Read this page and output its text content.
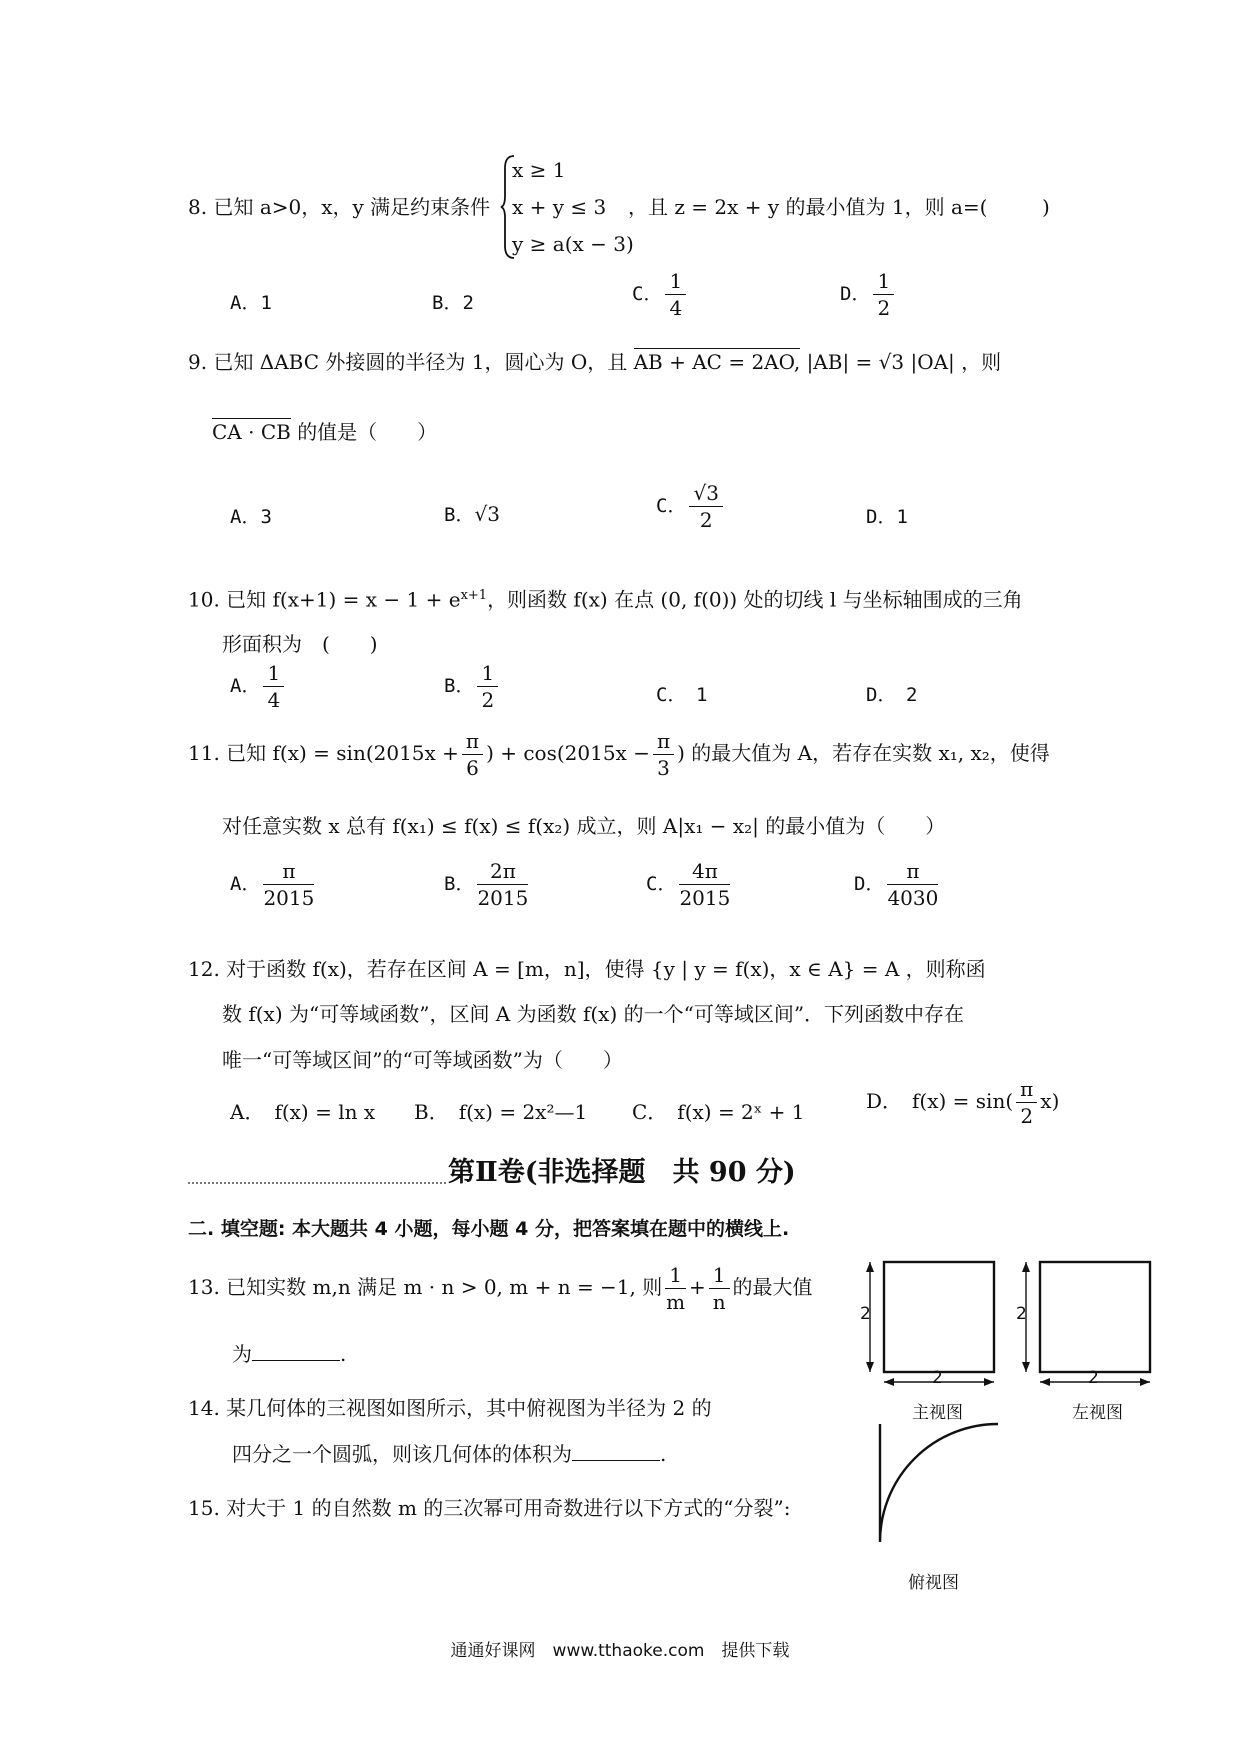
8. 已知 a>0，x，y 满足约束条件
x ≥ 1
x + y ≤ 3
y ≥ a(x − 3)
，且 z = 2x + y 的最小值为 1，则 a=(	)
A．1	B．2	C． $\frac{1}{4}$	D． $\frac{1}{2}$
9. 已知 ΔABC 外接圆的半径为 1，圆心为 O，且 AB + AC = 2AO, |AB| = √3 |OA| ，则
CA · CB 的值是（　　）
A．3	B．√3	C． $\frac{√3}{2}$	D．1
10. 已知 $f(x+1) = x - 1 + e^{x+1}$，则函数 f(x) 在点 (0, f(0)) 处的切线 l 与坐标轴围成的三角
形面积为　(　　)
A． $\frac{1}{4}$	B． $\frac{1}{2}$	C．　1	D．　2
11. 已知 $f(x) = \sin(2015x + \frac{\pi}{6}$ ) + $\cos(2015x - \frac{\pi}{3}$ ) 的最大值为 A，若存在实数 x₁, x₂，使得
对任意实数 x 总有 f(x₁) ≤ f(x) ≤ f(x₂) 成立，则 A|x₁ − x₂| 的最小值为（　　）
A． $\frac{\pi}{2015}$	B． $\frac{2\pi}{2015}$	C． $\frac{4\pi}{2015}$	D． $\frac{\pi}{4030}$
12. 对于函数 f(x)，若存在区间 A = [m，n]，使得 {y | y = f(x)，x ∈ A} = A ，则称函
数 f(x) 为“可等域函数”，区间 A 为函数 f(x) 的一个“可等域区间”．下列函数中存在
唯一“可等域区间”的“可等域函数”为（　　）
A．　f(x) = ln x B．　f(x) = 2x²—1 C．　f(x) = 2ˣ + 1	D．　$f(x) = \sin( \frac{\pi}{2} x)$
第Ⅱ卷(非选择题　共 90 分)
二. 填空题: 本大题共 4 小题，每小题 4 分，把答案填在题中的横线上.
13. 已知实数 m,n 满足 m · n > 0, m + n = −1, 则 $\frac{1}{m} + \frac{1}{n}$ 的最大值
为	.
14. 某几何体的三视图如图所示，其中俯视图为半径为 2 的
四分之一个圆弧，则该几何体的体积为	.
15. 对大于 1 的自然数 m 的三次幂可用奇数进行以下方式的“分裂”:
2
2
2
2
主视图	左视图
俯视图
通通好课网　www.tthaoke.com　提供下载
